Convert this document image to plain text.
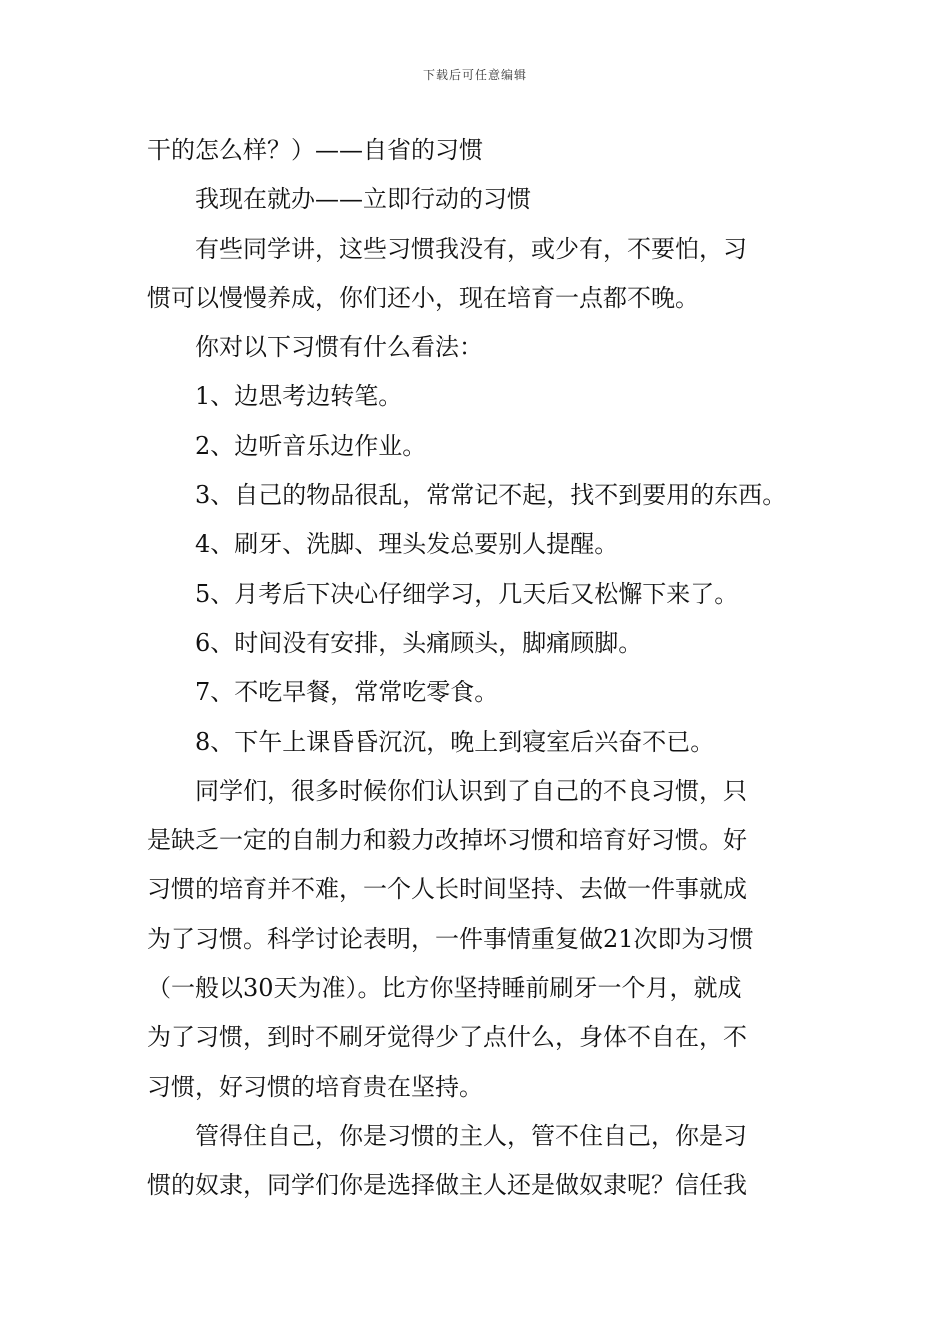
下载后可任意编辑
干的怎么样？）——自省的习惯
我现在就办——立即行动的习惯
有些同学讲，这些习惯我没有，或少有，不要怕，习
惯可以慢慢养成，你们还小，现在培育一点都不晚。
你对以下习惯有什么看法：
1、边思考边转笔。
2、边听音乐边作业。
3、自己的物品很乱，常常记不起，找不到要用的东西。
4、刷牙、洗脚、理头发总要别人提醒。
5、月考后下决心仔细学习，几天后又松懈下来了。
6、时间没有安排，头痛顾头，脚痛顾脚。
7、不吃早餐，常常吃零食。
8、下午上课昏昏沉沉，晚上到寝室后兴奋不已。
同学们，很多时候你们认识到了自己的不良习惯，只
是缺乏一定的自制力和毅力改掉坏习惯和培育好习惯。好
习惯的培育并不难，一个人长时间坚持、去做一件事就成
为了习惯。科学讨论表明，一件事情重复做21次即为习惯
（一般以30天为准）。比方你坚持睡前刷牙一个月，就成
为了习惯，到时不刷牙觉得少了点什么，身体不自在，不
习惯，好习惯的培育贵在坚持。
管得住自己，你是习惯的主人，管不住自己，你是习
惯的奴隶，同学们你是选择做主人还是做奴隶呢？信任我
